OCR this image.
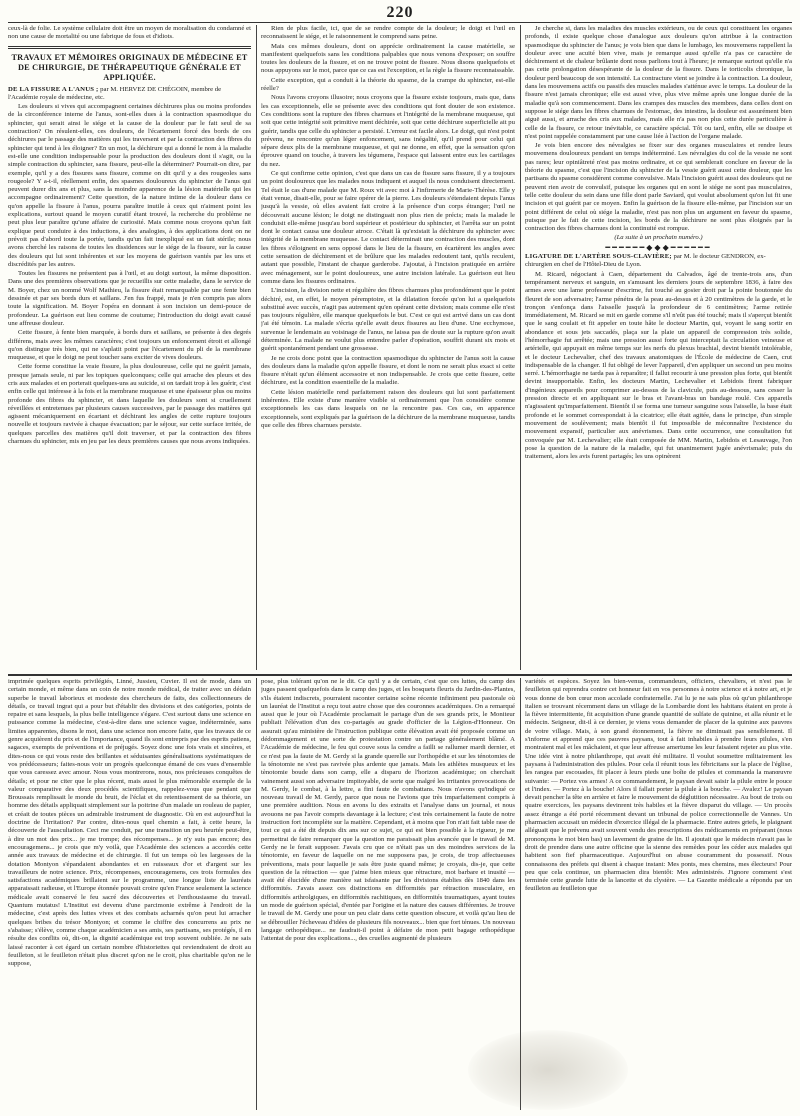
220

ceux-là de folie. Le système cellulaire doit être un moyen de moralisation du condamné et non une cause de mortalité ou une fabrique de fous et d'idiots.

TRAVAUX ET MÉMOIRES ORIGINAUX DE MÉDECINE ET DE CHIRURGIE, DE THÉRAPEUTIQUE GÉNÉRALE ET APPLIQUÉE.

DE LA FISSURE A L'ANUS ; par M. HERVEZ DE CHÉGOIN, membre de l'Académie royale de médecine, etc.

Les douleurs si vives qui accompagnent certaines déchirures plus ou moins profondes de la circonférence interne de l'anus, sont-elles dues à la contraction spasmodique du sphincter, qui serait ainsi le siége et la cause de la douleur par le fait seul de sa contraction? On résulent-elles, ces douleurs, de l'écartement forcé des bords de ces déchirures par le passage des matières qui les traversent et par la contraction des fibres du sphincter qui tend à les éloigner? En un mot, la déchirure qui a donné le nom à la maladie est-elle une condition indispensable pour la production des douleurs dont il s'agit, ou la simple contraction du sphincter, sans fissure, peut-elle la déterminer? Pourrait-on dire, par exemple, qu'il y a des fissures sans fissure, comme on dit qu'il y a des rougeoles sans rougeole? Y a-t-il, réellement enfin, des spasmes douloureux du sphincter de l'anus qui peuvent durer dix ans et plus, sans la moindre apparence de la lésion matérielle qui les accompagne ordinairement? Cette question, de la nature intime de la douleur dans ce qu'on appelle la fissure à l'anus, pourra paraître inutile à ceux qui n'aiment point les explications, surtout quand le moyen curatif étant trouvé, la recherche du problème ne peut plus leur paraître qu'une affaire de curiosité. Mais comme nous croyons qu'un fait explique peut conduire à des inductions, à des analogies, à des applications dont on ne prévoit pas d'abord toute la portée, tandis qu'un fait inexpliqué est un fait stérile; nous avons cherché les raisons de toutes les dissidences sur le siége de la fissure, sur la cause des douleurs qui lui sont inhérentes et sur les moyens de guérison vantés par les uns et discrédités par les autres.

Toutes les fissures ne présentent pas à l'œil, et au doigt surtout, la même disposition. Dans une des premières observations que je recueillis sur cette maladie, dans le service de M. Boyer, chez un nommé Wolf Mathieu, la fissure était remarquable par une fente bien dessinée et par ses bords durs et saillans. J'en fus frappé, mais je n'en compris pas alors toute la signification. M. Boyer l'opéra en donnant à son incision un demi-pouce de profondeur. La guérison eut lieu comme de coutume; l'introduction du doigt avait causé une affreuse douleur.

Cette fissure, à fente bien marquée, à bords durs et saillans, se présente à des degrés différens, mais avec les mêmes caractères; c'est toujours un enfoncement étroit et allongé qu'on distingue très bien, qui ne s'aplatit point par l'écartement du pli de la membrane muqueuse, et que le doigt ne peut toucher sans exciter de vives douleurs.

Cette forme constitue la vraie fissure, la plus douloureuse, celle qui ne guérit jamais, presque jamais seule, ni par les topiques quelconques; celle qui arrache des pleurs et des cris aux malades et en porterait quelques-uns au suicide, si on tardait trop à les guérir, c'est enfin celle qui intéresse à la fois et la membrane muqueuse et une épaisseur plus ou moins profonde des fibres du sphincter, et dans laquelle les douleurs sont si cruellement réveillées et entretenues par plusieurs causes successives, par le passage des matières qui agissent mécaniquement en écartant et déchirant les angles de cette rupture toujours nouvelle et toujours ravivée à chaque évacuation; par le séjour, sur cette surface irritée, de quelques parcelles des matières qu'il doit traverser, et par la contraction des fibres charnues du sphincter, mis en jeu par les deux premières causes que nous avons indiquées.

Rien de plus facile, ici, que de se rendre compte de la douleur; le doigt et l'œil en reconnaissent le siége, et le raisonnement le comprend sans peine.

Mais ces mêmes douleurs, dont on apprécie ordinairement la cause matérielle, se manifestent quelquefois sans les conditions palpables que nous venons d'exposer; on souffre toutes les douleurs de la fissure, et on ne trouve point de fissure. Nous disons quelquefois et nous appuyons sur le mot, parce que ce cas est l'exception, et la règle la fissure reconnaissable.

Cette exception, qui a conduit à la théorie du spasme, de la crampe du sphincter, est-elle réelle?

Nous l'avons croyons illusoire; nous croyons que la fissure existe toujours, mais que, dans les cas exceptionnels, elle se présente avec des conditions qui font douter de son existence. Ces conditions sont la rupture des fibres charnues et l'intégrité de la membrane muqueuse, qui soit que cette intégrité soit primitive ment déchirée, soit que cette déchirure superficielle ait pu guérir, tandis que celle du sphincter a persisté. L'erreur est facile alors. Le doigt, qui n'est point prévenu, ne rencontre qu'un léger enfoncement, sans inégalité, qu'il prend pour celui qui sépare deux plis de la membrane muqueuse, et qui ne donne, en effet, que la sensation qu'on éprouve quand on touche, à travers les tégumens, l'espace qui laissent entre eux les cartilages du nez.

Ce qui confirme cette opinion, c'est que dans un cas de fissure sans fissure, il y a toujours un point douloureux que les malades nous indiquent et auquel ils nous conduisent directement. Tel était le cas d'une malade que M. Roux vit avec moi à l'infirmerie de Marie-Thérèse. Elle y était venue, disait-elle, pour se faire opérer de la pierre. Les douleurs s'étendaient depuis l'anus jusqu'à la vessie, où elles avaient fait croire à la présence d'un corps étranger; l'œil ne découvrait aucune lésion; le doigt ne distinguait non plus rien de précis; mais la malade le conduisit elle-même jusqu'au bord supérieur et postérieur du sphincter, et l'arrêta sur un point dont le contact causa une douleur atroce. C'était là qu'existait la déchirure du sphincter avec intégrité de la membrane muqueuse. Le contact déterminait une contraction des muscles, dont les fibres s'éloignent en sens opposé dans le lieu de la fissure, en écartèrent les angles avec cette sensation de déchirement et de brûlure que les malades redoutent tant, qu'ils reculent, autant que possible, l'instant de chaque garderobe. J'ajoutai, à l'incision pratiquée en arrière avec ménagement, sur le point douloureux, une autre incision latérale. La guérison eut lieu comme dans les fissures ordinaires.

L'incision, la division nette et régulière des fibres charnues plus profondément que le point déchiré, est, en effet, le moyen péremptoire, et la dilatation forcée qu'on lui a quelquefois substitué avec succès, n'agit pas autrement qu'en opérant cette division; mais comme elle n'est pas toujours régulière, elle manque quelquefois le but. C'est ce qui est arrivé dans un cas dont j'ai été témoin. La malade s'écria qu'elle avait deux fissures au lieu d'une. Une ecchymose, survenue le lendemain au voisinage de l'anus, ne laissa pas de doute sur la rupture qu'on avait déterminée. La malade ne voulut plus entendre parler d'opération, souffrit durant six mois et guérit spontanément pendant une grossesse.

Je ne crois donc point que la contraction spasmodique du sphincter de l'anus soit la cause des douleurs dans la maladie qu'on appelle fissure, et dont le nom ne serait plus exact si cette fissure n'était qu'un élément accessoire et non indispensable. Je crois que cette fissure, cette déchirure, est la condition essentielle de la maladie.

Cette lésion matérielle rend parfaitement raison des douleurs qui lui sont parfaitement inhérentes. Elle existe d'une manière visible si ordinairement que l'on considère comme exceptionnels les cas dans lesquels on ne la rencontre pas. Ces cas, en apparence exceptionnels, sont expliqués par la guérison de la déchirure de la membrane muqueuse, tandis que celle des fibres charnues persiste.

Je cherche si, dans les maladies des muscles extérieurs, ou de ceux qui constituent les organes profonds, il existe quelque chose d'analogue aux douleurs qu'on attribue à la contraction spasmodique du sphincter de l'anus; je vois bien que dans le lumbago, les mouvemens rappellent la douleur avec une acuité bien vive, mais je remarque aussi qu'elle n'a pas ce caractère de déchirement et de chaleur brûlante dont nous parlions tout à l'heure; je remarque surtout qu'elle n'a pas cette prolongation désespérante de la douleur de la fissure. Dans le torticolis chronique, la douleur perd beaucoup de son intensité. La contracture vient se joindre à la contraction. La douleur, dans les mouvemens actifs ou passifs des muscles malades s'atténue avec le temps. La douleur de la fissure n'est jamais chronique; elle est aussi vive, plus vive même après une longue durée de la maladie qu'à son commencement. Dans les crampes des muscles des membres, dans celles dont on suppose le siége dans les fibres charnues de l'estomac, des intestins, la douleur est assurément bien aiguë aussi, et arrache des cris aux malades, mais elle n'a pas non plus cette durée particulière à celle de la fissure, ce retour inévitable, ce caractère spécial. Tôt ou tard, enfin, elle se dissipe et n'est point rappelée constamment par une cause liée à l'action de l'organe malade.

Je vois bien encore des névralgies se fixer sur des organes musculaires et rendre leurs mouvemens douloureux pendant un temps indéterminé. Les névralgies du col de la vessie ne sont pas rares; leur opiniâtreté n'est pas moins ordinaire, et ce qui semblerait conclure en faveur de la théorie du spasme, c'est que l'incision du sphincter de la vessie guérit aussi cette douleur, que les partisans du spasme considèrent comme convulsive. Mais l'incision guérit aussi des douleurs qui ne peuvent rien avoir de convulsif, puisque les organes qui en sont le siége ne sont pas musculaires, telle cette douleur du sein dans une fille dont parle Saviard, qui voulut absolument qu'on lui fit une incision et qui guérit par ce moyen. Enfin la guérison de la fissure elle-même, par l'incision sur un point différent de celui où siége la maladie, n'est pas non plus un argument en faveur du spasme, puisque par le fait de cette incision, les bords de la déchirure ne sont plus éloignés par la contraction des fibres charnues dont la continuité est rompue.

(La suite à un prochain numéro.)

━━━━━━◆◆◆━━━━━━

LIGATURE DE L'ARTÈRE SOUS-CLAVIÈRE; par M. le docteur GENDRON, ex-chirurgien en chef de l'Hôtel-Dieu de Lyon.

M. Ricard, négociant à Caen, département du Calvados, âgé de trente-trois ans, d'un tempérament nerveux et sanguin, en s'amusant les derniers jours de septembre 1836, à faire des armes avec une lame professeur d'escrime, fut touché au gosier droit par la pointe boutonnée du fleuret de son adversaire; l'arme pénétra de la peau au-dessus et à 20 centimètres de la garde, et le tronçon s'enfonça dans l'aisselle jusqu'à la profondeur de 6 centimètres; l'arme retirée immédiatement, M. Ricard se mit en garde comme s'il n'eût pas été touché; mais il s'aperçut bientôt que le sang coulait et fit appeler en toute hâte le docteur Martin, qui, voyant le sang sortir en abondance et sous jets saccadés, plaça sur la plaie un appareil de compression très solide, l'hémorrhagie fut arrêtée; mais une pression aussi forte qui interceptait la circulation veineuse et artérielle, qui appuyait en même temps sur les nerfs du plexus brachial, devint bientôt intolérable, et le docteur Lechevalier, chef des travaux anatomiques de l'École de médecine de Caen, crut indispensable de la changer. Il fut obligé de lever l'appareil, d'en appliquer un second un peu moins serré. L'hémorrhagie ne tarda pas à reparaître; il fallut recourir à une pression plus forte, qui bientôt devint insupportable. Enfin, les docteurs Martin, Lechevalier et Lebidois firent fabriquer d'ingénieux appareils pour comprimer au-dessus de la clavicule, puis au-dessous, sans cesser la pression directe et en appliquant sur le bras et l'avant-bras un bandage roulé. Ces appareils n'agissaient qu'imparfaitement. Bientôt il se forma une tumeur sanguine sous l'aisselle, la base était profonde et le sommet correspondait à la cicatrice; elle était agitée, dans le principe, d'un simple mouvement de soulèvement; mais bientôt il fut impossible de méconnaître l'existence du mouvement expansif, particulier aux anévrismes. Dans cette occurrence, une consultation fut convoquée par M. Lechevalier; elle était composée de MM. Martin, Lebidois et Lesauvage, l'on pose la question de la nature de la maladie, qui fut unanimement jugée anévrismale; puis du traitement, alors les avis furent partagés; les uns opinèrent

imprimée quelques esprits privilégiés, Linné, Jussieu, Cuvier. Il est de mode, dans un certain monde, et même dans un coin de notre monde médical, de traiter avec un dédain superbe le travail laborieux et modeste des chercheurs de faits, des collectionneurs de détails, ce travail ingrat qui a pour but d'établir des divisions et des catégories, points de repaire et sans lesquels, la plus belle intelligence s'égare. C'est surtout dans une science en puissance comme la médecine, c'est-à-dire dans une science vague, indéterminée, sans limites apparentes, disons le mot, dans une science non encore faite, que les travaux de ce genre acquièrent du prix et de l'importance, quand ils sont entrepris par des esprits patiens, sagaces, exempts de préventions et de préjugés. Soyez donc une fois vrais et sincères, et dites-nous ce qui vous reste des brillantes et séduisantes généralisations systématiques de vos prédécesseurs; faites-nous voir un progrès quelconque émané de ces vues d'ensemble que vous caressez avec amour. Nous vous montrerons, nous, nos précieuses conquêtes de détails; et pour ne citer que le plus récent, mais aussi le plus mémorable exemple de la valeur comparative des deux procédés scientifiques, rappelez-vous que pendant que Broussais remplissait le monde du bruit, de l'éclat et du retentissement de sa théorie, un homme des détails appliquait simplement sur la poitrine d'un malade un rouleau de papier, et créait de toutes pièces un admirable instrument de diagnostic. Où en est aujourd'hui la doctrine de l'irritation? Par contre, dites-nous quel chemin a fait, à cette heure, la découverte de l'auscultation. Ceci me conduit, par une transition un peu heurtée peut-être, à dire un mot des prix... je me trompe; des récompenses... je n'y suis pas encore; des encouragemens... je crois que m'y voilà, que l'Académie des sciences a accordés cette année aux travaux de médecine et de chirurgie. Il fut un temps où les largesses de la dotation Montyon s'épandaient abondantes et en ruisseaux d'or et d'argent sur les travailleurs de notre science. Prix, récompenses, encouragemens, ces trois formules des satisfactions académiques brillaient sur le programme, une longue liste de lauréats apparaissait radieuse, et l'Europe étonnée pouvait croire qu'en France seulement la science médicale avait conservé le feu sacré des découvertes et l'enthousiasme du travail. Quantum mutatus! L'Institut est devenu d'une parcimonie extrême à l'endroit de la médecine, c'est après des luttes vives et des combats acharnés qu'on peut lui arracher quelques bribes du trésor Montyon; et comme le chiffre des concurrens au prix ne s'abaisse; s'élève, comme chaque académicien a ses amis, ses partisans, ses protégés, il en résulte des conflits où, dit-on, la dignité académique est trop souvent oubliée. Je ne sais laissé raconter à cet égard un certain nombre d'historiettes qui reviendraient de droit au feuilleton, si le feuilleton n'était plus discret qu'on ne le croit, plus charitable qu'on ne le suppose,

pose, plus tolérant qu'on ne le dit. Ce qu'il y a de certain, c'est que ces luttes, du camp des juges passent quelquefois dans le camp des juges, et les bosquets fleuris du Jardin-des-Plantes, s'ils étaient indiscrets, pourraient raconter certaine scène récente infiniment peu pastorale où un lauréat de l'Institut a reçu tout autre chose que des couronnes académiques. On a remarqué aussi que le jour où l'Académie proclamait le partage d'un de ses grands prix, le Moniteur publiait l'élévation d'un des co-partagés au grade d'officier de la Légion-d'Honneur. On assurait qu'au ministère de l'instruction publique cette élévation avait été proposée comme un dédommagement et une sorte de protestation contre un partage généralement blâmé. A l'Académie de médecine, le feu qui couve sous la cendre a failli se rallumer mardi dernier, et ce n'est pas la faute de M. Gerdy si la grande querelle sur l'orthopédie et sur les ténotomies de la ténotomie ne s'est pas ravivée plus ardente que jamais. Mais les athlètes musqueux et les tènotomie boude dans son camp, elle a disparu de l'horizon académique; on cherchait vainement aussi son adversaire impitoyable, de sorte que malgré les irritantes provocations de M. Gerdy, le combat, à la lettre, a fini faute de combattans. Nous n'avons qu'indiqué ce nouveau travail de M. Gerdy, parce que nous ne l'avions que très imparfaitement compris à une première audition. Nous en avons lu des extraits et l'analyse dans un journal, et nous avouons ne pas l'avoir compris davantage à la lecture; c'est très certainement la faute de notre instruction fort incomplète sur la matière. Cependant, et à moins que l'on n'ait fait table rase de tout ce qui a été dit depuis dix ans sur ce sujet, ce qui est bien possible à la rigueur, je me permettrai de faire remarquer que la question me paraissait plus avancée que le travail de M. Gerdy ne le ferait supposer. J'avais cru que ce n'était pas un des moindres services de la ténotomie, en faveur de laquelle on ne me supposera pas, je crois, de trop affectueuses préventions, mais pour laquelle je sais être juste quand même; je croyais, dis-je, que cette question de la rétraction — que j'aime bien mieux que rétracture, mot barbare et inusité — avait été élucidée d'une manière sat isfaisante par les divisions établies dès 1840 dans les difformités. J'avais assez ces distinctions en difformités par rétraction musculaire, en difformités arthrolgiques, en difformités rachitiques, en difformités traumatiques, ayant toutes un mode de guérison spécial, d'entée par l'origine et la nature des causes différentes. Je trouve le travail de M. Gerdy une pour un peu clair dans cette question obscure, et voilà qu'au lieu de se débrouiller l'écheveau d'idées de plusieurs fils nouveaux... bien que fort ténues. Un nouveau langage orthopédique... ne faudrait-il point à défaire de mon petit bagage orthopédique l'attentat de pour des explications..., des cruelles augmenté de plusieurs

variétés et espèces. Soyez les bien-venus, commandeurs, officiers, chevaliers, et n'est pas le feuilleton qui reprendra contre cet honneur fait en vos personnes à notre science et à notre art, et je vous donne de bon cœur mon accolade confraternelle. J'ai lu je ne sais plus où qu'un philanthrope italien se trouvant récemment dans un village de la Lombardie dont les habitans étaient en proie à la fièvre intermittente, fit acquisition d'une grande quantité de sulfate de quinine, et alla réunir et le médecin. Seigneur, dit-il à ce dernier, je viens vous demander de placer de la quinine aux pauvres de votre village. Mais, à son grand étonnement, la fièvre ne diminuait pas sensiblement. Il s'informe et apprend que ces pauvres paysans, tout à fait inhabiles à prendre leurs pilules, s'en montraient mal et les mâchaient, et que leur affreuse amertume les leur faisaient rejeter au plus vite. Une idée vint à notre philanthrope, qui avait été militaire. Il voulut soumettre militairement les paysans à l'administration des pilules. Pour cela il réunit tous les fébricitans sur la place de l'église, les rangea par escouades, fit placer à leurs pieds une boîte de pilules et commanda la manœuvre suivante: — Portez vos armes! A ce commandement, le paysan devait saisir la pilule entre le pouce et l'index. — Portez à la bouche! Alors il fallait porter la pilule à la bouche. — Avalez! Le paysan devait pencher la tête en arrière et faire le mouvement de déglutition nécessaire. Au bout de trois ou quatre exercices, les paysans devinrent très habiles et la fièvre disparut du village. — Un procès assez étrange a été porté récemment devant un tribunal de police correctionnelle de Vannes. Un pharmacien accusait un médecin d'exercice illégal de la pharmacie. Entre autres griefs, le plaignant alléguait que le prévenu avait souvent vendu des prescriptions des médicaments en préparant (nous prononçons le mot bien bas) un lavement de graine de lin. Il ajoutait que le médecin n'avait pas le droit de prendre dans une autre officine que la sienne des remèdes pour les céder aux malades qui habitent son fief pharmaceutique. Aujourd'hui on abuse couramment du possessif. Nous connaissons des préfets qui disent à chaque instant: Mes ponts, mes chemins, mes électeurs! Pour peu que cela continue, un pharmacien dira bientôt: Mes administrés. J'ignore comment s'est terminée cette grande lutte de la lancette et du clystère. — La Gazette médicale a répondu par un feuilleton au feuilleton que
